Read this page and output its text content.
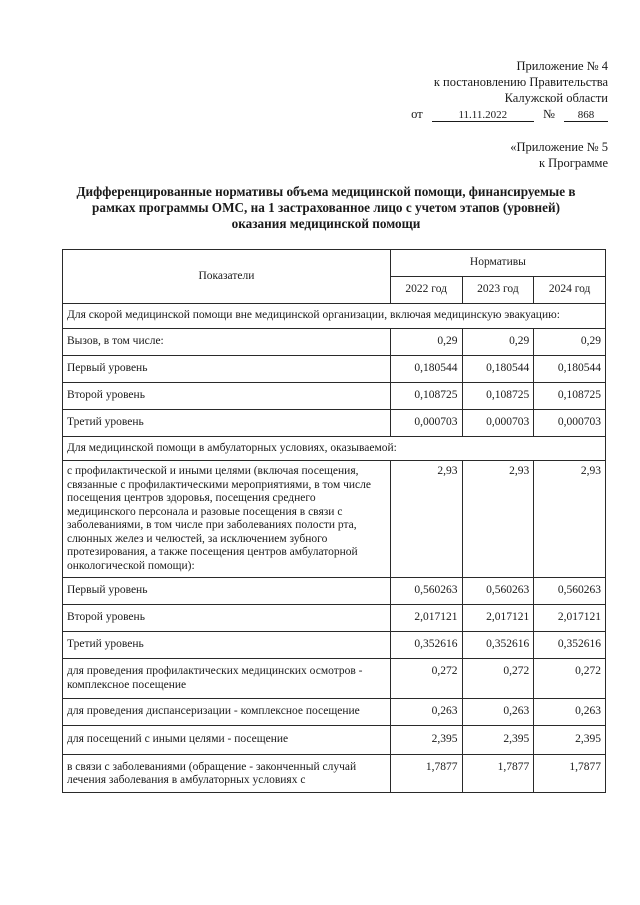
Приложение № 4
к постановлению Правительства
Калужской области
от	11.11.2022	№ 868
«Приложение № 5
к Программе
Дифференцированные нормативы объема медицинской помощи, финансируемые в рамках программы ОМС, на 1 застрахованное лицо с учетом этапов (уровней) оказания медицинской помощи
Показатели	Нормативы		
	2022 год	2023 год	2024 год
Для скорой медицинской помощи вне медицинской организации, включая медицинскую эвакуацию:			
Вызов, в том числе:	0,29	0,29	0,29
Первый уровень	0,180544	0,180544	0,180544
Второй уровень	0,108725	0,108725	0,108725
Третий уровень	0,000703	0,000703	0,000703
Для медицинской помощи в амбулаторных условиях, оказываемой:			
с профилактической и иными целями (включая посещения, связанные с профилактическими мероприятиями, в том числе посещения центров здоровья, посещения среднего медицинского персонала и разовые посещения в связи с заболеваниями, в том числе при заболеваниях полости рта, слюнных желез и челюстей, за исключением зубного протезирования, а также посещения центров амбулаторной онкологической помощи):	2,93	2,93	2,93
Первый уровень	0,560263	0,560263	0,560263
Второй уровень	2,017121	2,017121	2,017121
Третий уровень	0,352616	0,352616	0,352616
для проведения профилактических медицинских осмотров - комплексное посещение	0,272	0,272	0,272
для проведения диспансеризации - комплексное посещение	0,263	0,263	0,263
для посещений с иными целями - посещение	2,395	2,395	2,395
в связи с заболеваниями (обращение - законченный случай лечения заболевания в амбулаторных условиях с	1,7877	1,7877	1,7877
